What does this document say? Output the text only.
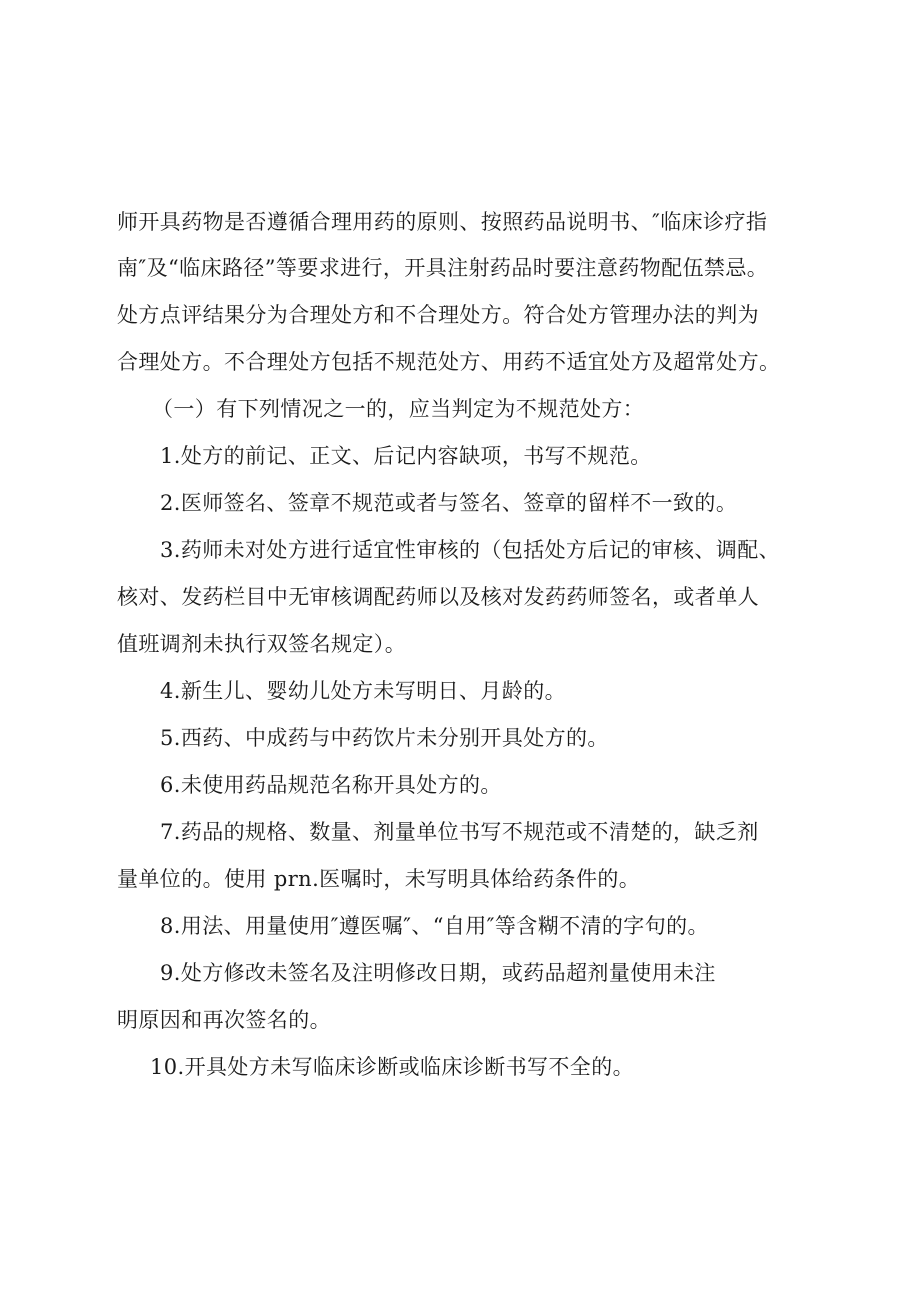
师开具药物是否遵循合理用药的原则、按照药品说明书、″临床诊疗指
南″及“临床路径”等要求进行，开具注射药品时要注意药物配伍禁忌。
处方点评结果分为合理处方和不合理处方。符合处方管理办法的判为
合理处方。不合理处方包括不规范处方、用药不适宜处方及超常处方。
（一）有下列情况之一的，应当判定为不规范处方：
1.处方的前记、正文、后记内容缺项，书写不规范。
2.医师签名、签章不规范或者与签名、签章的留样不一致的。
3.药师未对处方进行适宜性审核的（包括处方后记的审核、调配、
核对、发药栏目中无审核调配药师以及核对发药药师签名，或者单人
值班调剂未执行双签名规定）。
4.新生儿、婴幼儿处方未写明日、月龄的。
5.西药、中成药与中药饮片未分别开具处方的。
6.未使用药品规范名称开具处方的。
7.药品的规格、数量、剂量单位书写不规范或不清楚的，缺乏剂
量单位的。使用 prn.医嘱时，未写明具体给药条件的。
8.用法、用量使用″遵医嘱″、“自用″等含糊不清的字句的。
9.处方修改未签名及注明修改日期，或药品超剂量使用未注
明原因和再次签名的。
10.开具处方未写临床诊断或临床诊断书写不全的。
